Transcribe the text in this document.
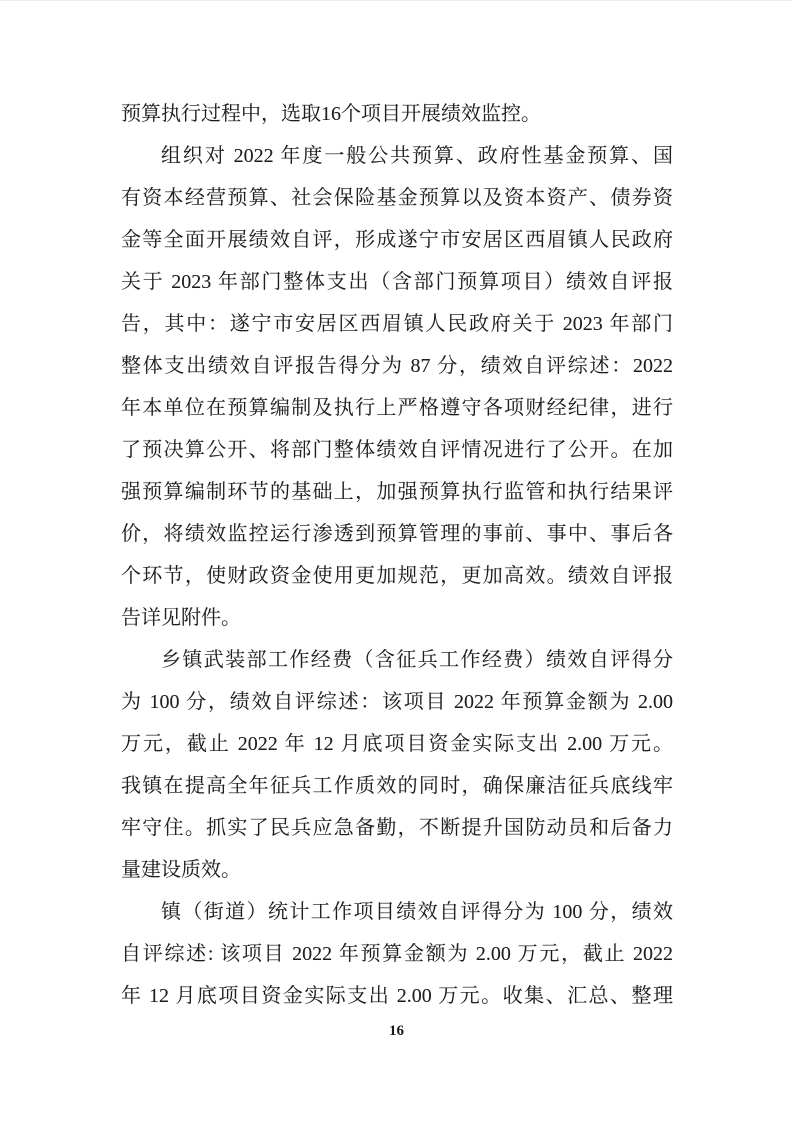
预算执行过程中，选取16个项目开展绩效监控。
组织对 2022 年度一般公共预算、政府性基金预算、国
有资本经营预算、社会保险基金预算以及资本资产、债券资
金等全面开展绩效自评，形成遂宁市安居区西眉镇人民政府
关于 2023 年部门整体支出（含部门预算项目）绩效自评报
告，其中：遂宁市安居区西眉镇人民政府关于 2023 年部门
整体支出绩效自评报告得分为 87 分，绩效自评综述：2022
年本单位在预算编制及执行上严格遵守各项财经纪律，进行
了预决算公开、将部门整体绩效自评情况进行了公开。在加
强预算编制环节的基础上，加强预算执行监管和执行结果评
价，将绩效监控运行渗透到预算管理的事前、事中、事后各
个环节，使财政资金使用更加规范，更加高效。绩效自评报
告详见附件。
乡镇武装部工作经费（含征兵工作经费）绩效自评得分
为 100 分，绩效自评综述：该项目 2022 年预算金额为 2.00
万元，截止 2022 年 12 月底项目资金实际支出 2.00 万元。
我镇在提高全年征兵工作质效的同时，确保廉洁征兵底线牢
牢守住。抓实了民兵应急备勤，不断提升国防动员和后备力
量建设质效。
镇（街道）统计工作项目绩效自评得分为 100 分，绩效
自评综述: 该项目 2022 年预算金额为 2.00 万元，截止 2022
年 12 月底项目资金实际支出 2.00 万元。收集、汇总、整理
16
